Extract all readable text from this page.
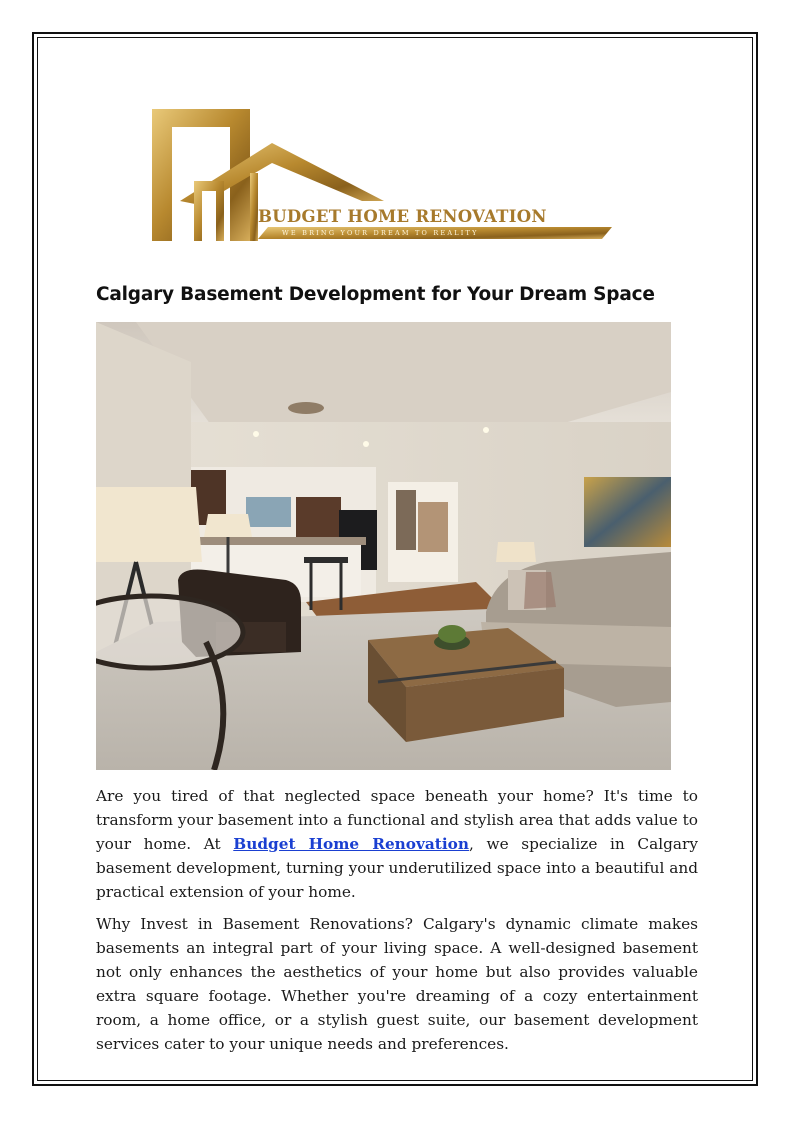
BUDGET HOME RENOVATION
WE BRING YOUR DREAM TO REALITY
Calgary Basement Development for Your Dream Space

Are you tired of that neglected space beneath your home? It's time to transform your basement into a functional and stylish area that adds value to your home. At Budget Home Renovation, we specialize in Calgary basement development, turning your underutilized space into a beautiful and practical extension of your home.

Why Invest in Basement Renovations? Calgary's dynamic climate makes basements an integral part of your living space. A well-designed basement not only enhances the aesthetics of your home but also provides valuable extra square footage. Whether you're dreaming of a cozy entertainment room, a home office, or a stylish guest suite, our basement development services cater to your unique needs and preferences.
